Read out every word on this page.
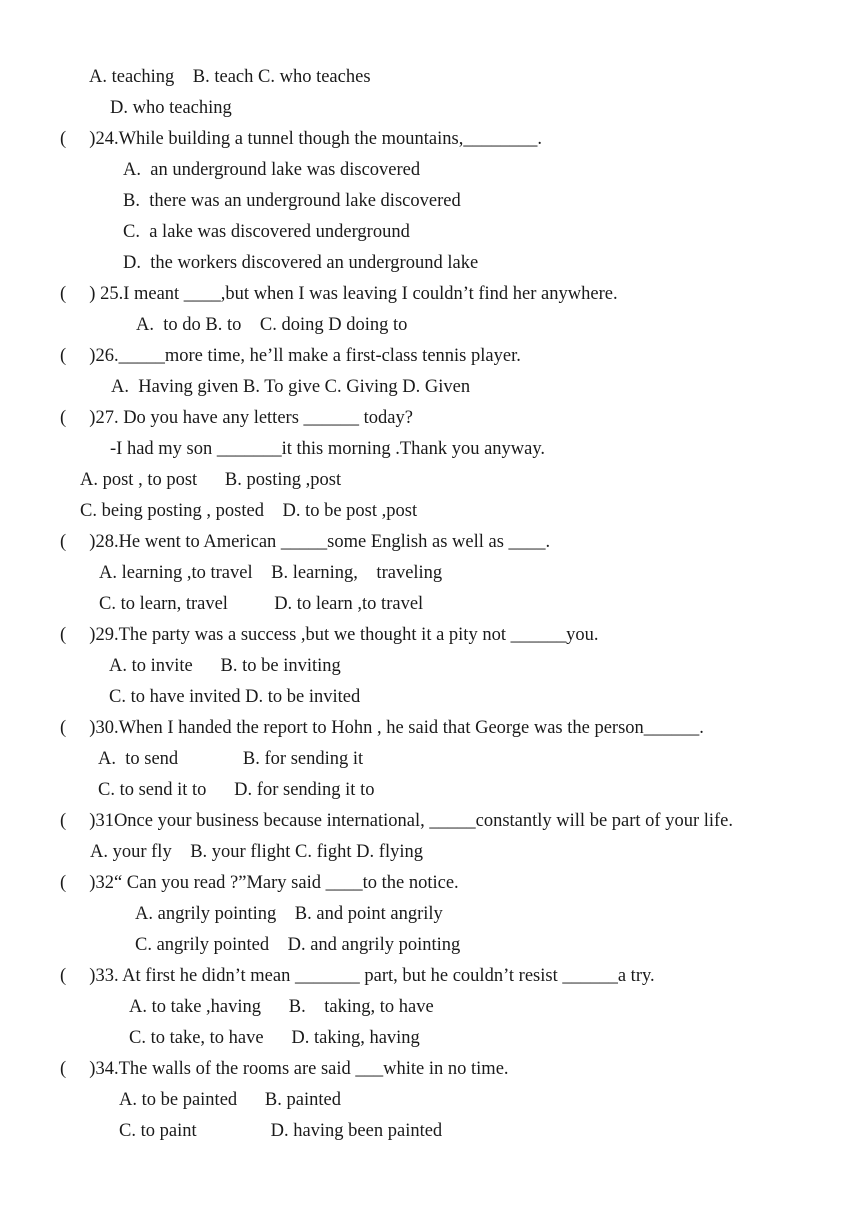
A. teaching    B. teach C. who teaches
D. who teaching
(     )24.While building a tunnel though the mountains,________.
A.  an underground lake was discovered
B.  there was an underground lake discovered
C.  a lake was discovered underground
D.  the workers discovered an underground lake
(     ) 25.I meant ____,but when I was leaving I couldn’t find her anywhere.
A.  to do B. to    C. doing D doing to
(     )26._____more time, he’ll make a first-class tennis player.
A.  Having given B. To give C. Giving D. Given
(     )27. Do you have any letters ______ today?
-I had my son _______it this morning .Thank you anyway.
A. post , to post      B. posting ,post
C. being posting , posted    D. to be post ,post
(     )28.He went to American _____some English as well as ____.
A. learning ,to travel    B. learning,    traveling
C. to learn, travel          D. to learn ,to travel
(     )29.The party was a success ,but we thought it a pity not ______you.
A. to invite      B. to be inviting
C. to have invited D. to be invited
(     )30.When I handed the report to Hohn , he said that George was the person______.
A.  to send              B. for sending it
C. to send it to      D. for sending it to
(     )31Once your business because international, _____constantly will be part of your life.
A. your fly    B. your flight C. fight D. flying
(     )32“ Can you read ?”Mary said ____to the notice.
A. angrily pointing    B. and point angrily
C. angrily pointed    D. and angrily pointing
(     )33. At first he didn’t mean _______ part, but he couldn’t resist ______a try.
A. to take ,having      B.    taking, to have
C. to take, to have      D. taking, having
(     )34.The walls of the rooms are said ___white in no time.
A. to be painted      B. painted
C. to paint                D. having been painted
